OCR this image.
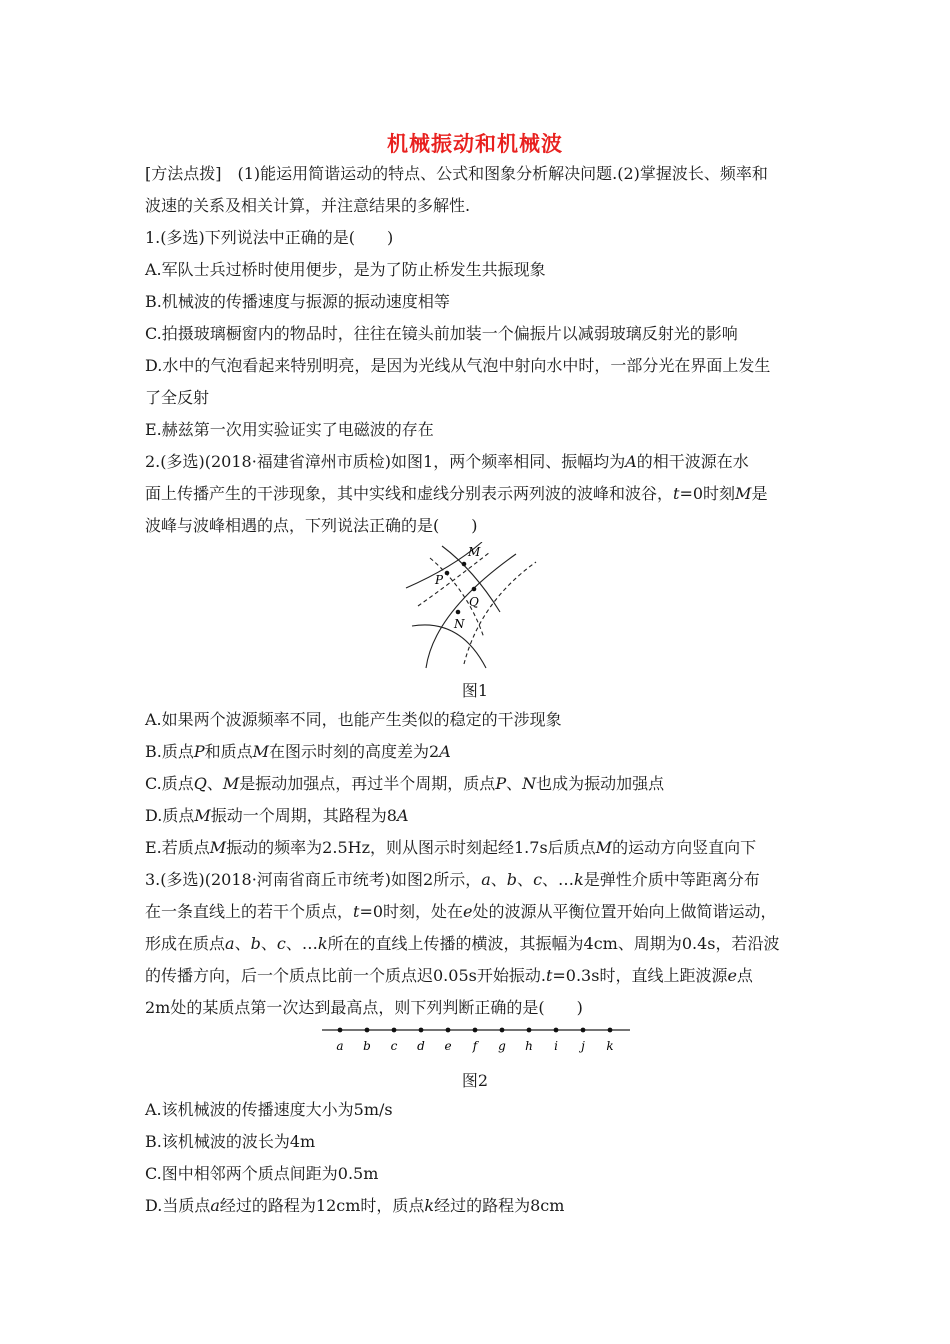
机械振动和机械波
[方法点拨]　(1)能运用简谐运动的特点、公式和图象分析解决问题.(2)掌握波长、频率和
波速的关系及相关计算，并注意结果的多解性.
1.(多选)下列说法中正确的是(　　)
A.军队士兵过桥时使用便步，是为了防止桥发生共振现象
B.机械波的传播速度与振源的振动速度相等
C.拍摄玻璃橱窗内的物品时，往往在镜头前加装一个偏振片以减弱玻璃反射光的影响
D.水中的气泡看起来特别明亮，是因为光线从气泡中射向水中时，一部分光在界面上发生
了全反射
E.赫兹第一次用实验证实了电磁波的存在
2.(多选)(2018·福建省漳州市质检)如图1，两个频率相同、振幅均为A的相干波源在水
面上传播产生的干涉现象，其中实线和虚线分别表示两列波的波峰和波谷，t=0时刻M是
波峰与波峰相遇的点，下列说法正确的是(　　)
M
P
Q
N
图1
A.如果两个波源频率不同，也能产生类似的稳定的干涉现象
B.质点P和质点M在图示时刻的高度差为2A
C.质点Q、M是振动加强点，再过半个周期，质点P、N也成为振动加强点
D.质点M振动一个周期，其路程为8A
E.若质点M振动的频率为2.5Hz，则从图示时刻起经1.7s后质点M的运动方向竖直向下
3.(多选)(2018·河南省商丘市统考)如图2所示，a、b、c、…k是弹性介质中等距离分布
在一条直线上的若干个质点，t=0时刻，处在e处的波源从平衡位置开始向上做简谐运动，
形成在质点a、b、c、…k所在的直线上传播的横波，其振幅为4cm、周期为0.4s，若沿波
的传播方向，后一个质点比前一个质点迟0.05s开始振动.t=0.3s时，直线上距波源e点
2m处的某质点第一次达到最高点，则下列判断正确的是(　　)
a b c d e f g h i j k
图2
A.该机械波的传播速度大小为5m/s
B.该机械波的波长为4m
C.图中相邻两个质点间距为0.5m
D.当质点a经过的路程为12cm时，质点k经过的路程为8cm
